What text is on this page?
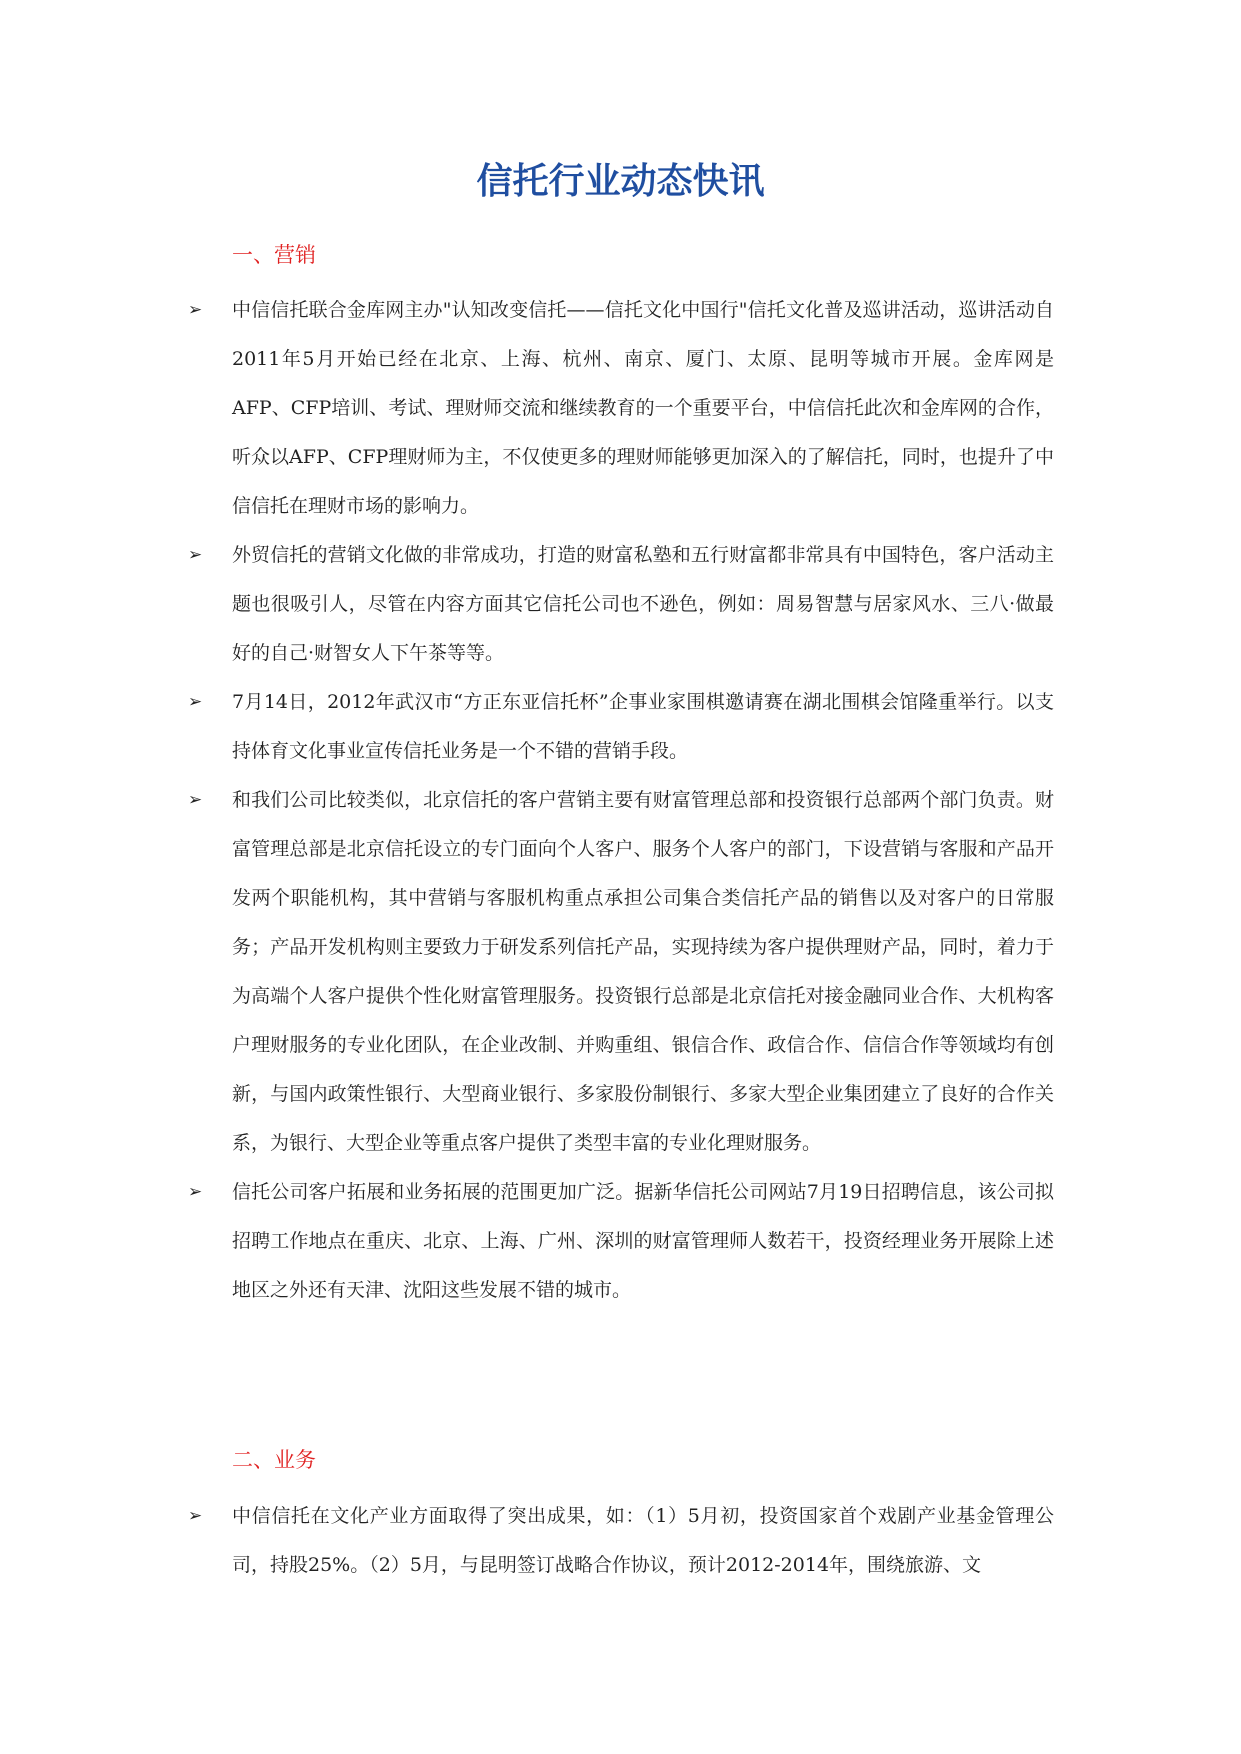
信托行业动态快讯
一、营销
➢ 中信信托联合金库网主办"认知改变信托——信托文化中国行"信托文化普及巡讲活动，巡讲活动自2011年5月开始已经在北京、上海、杭州、南京、厦门、太原、昆明等城市开展。金库网是AFP、CFP培训、考试、理财师交流和继续教育的一个重要平台，中信信托此次和金库网的合作，听众以AFP、CFP理财师为主，不仅使更多的理财师能够更加深入的了解信托，同时，也提升了中信信托在理财市场的影响力。
➢ 外贸信托的营销文化做的非常成功，打造的财富私塾和五行财富都非常具有中国特色，客户活动主题也很吸引人，尽管在内容方面其它信托公司也不逊色，例如：周易智慧与居家风水、三八·做最好的自己·财智女人下午茶等等。
➢ 7月14日，2012年武汉市“方正东亚信托杯”企事业家围棋邀请赛在湖北围棋会馆隆重举行。以支持体育文化事业宣传信托业务是一个不错的营销手段。
➢ 和我们公司比较类似，北京信托的客户营销主要有财富管理总部和投资银行总部两个部门负责。财富管理总部是北京信托设立的专门面向个人客户、服务个人客户的部门，下设营销与客服和产品开发两个职能机构，其中营销与客服机构重点承担公司集合类信托产品的销售以及对客户的日常服务；产品开发机构则主要致力于研发系列信托产品，实现持续为客户提供理财产品，同时，着力于为高端个人客户提供个性化财富管理服务。投资银行总部是北京信托对接金融同业合作、大机构客户理财服务的专业化团队，在企业改制、并购重组、银信合作、政信合作、信信合作等领域均有创新，与国内政策性银行、大型商业银行、多家股份制银行、多家大型企业集团建立了良好的合作关系，为银行、大型企业等重点客户提供了类型丰富的专业化理财服务。
➢ 信托公司客户拓展和业务拓展的范围更加广泛。据新华信托公司网站7月19日招聘信息，该公司拟招聘工作地点在重庆、北京、上海、广州、深圳的财富管理师人数若干，投资经理业务开展除上述地区之外还有天津、沈阳这些发展不错的城市。
二、业务
➢ 中信信托在文化产业方面取得了突出成果，如：（1）5月初，投资国家首个戏剧产业基金管理公司，持股25%。（2）5月，与昆明签订战略合作协议，预计2012-2014年，围绕旅游、文
